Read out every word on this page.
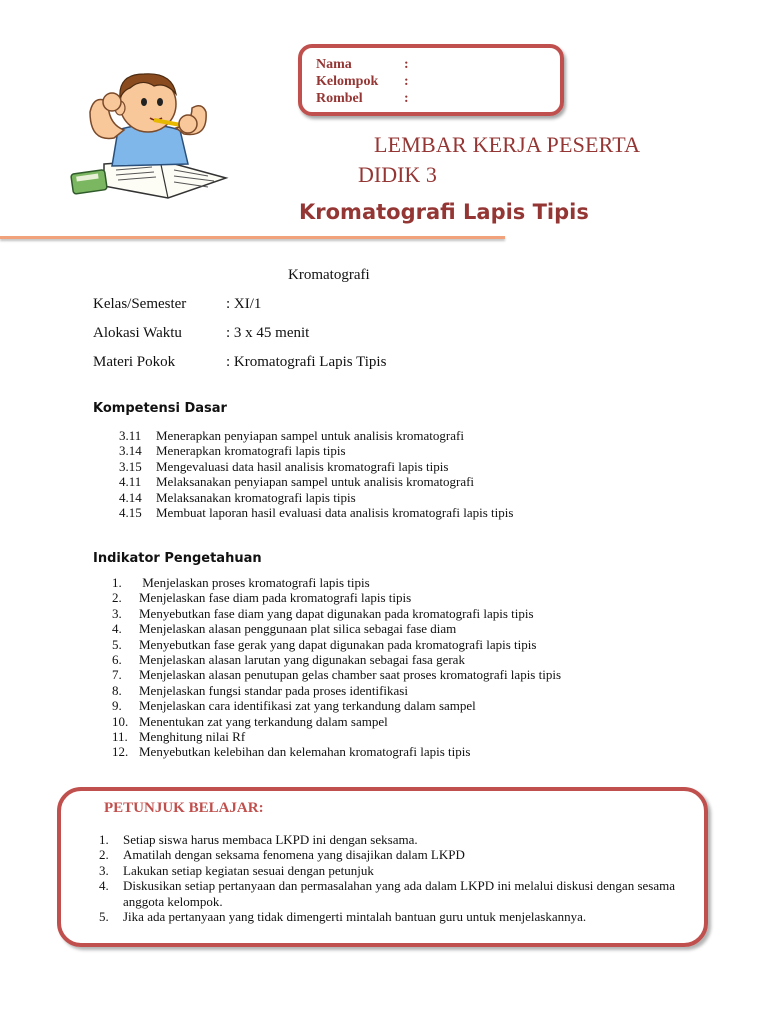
Nama	:
Kelompok :
Rombel	:
LEMBAR KERJA PESERTA
DIDIK 3
Kromatografi Lapis Tipis
Kromatografi
Kelas/Semester	: XI/1
Alokasi Waktu	: 3 x 45 menit
Materi Pokok	: Kromatografi Lapis Tipis
Kompetensi Dasar
3.11 Menerapkan penyiapan sampel untuk analisis kromatografi
3.14 Menerapkan kromatografi lapis tipis
3.15 Mengevaluasi data hasil analisis kromatografi lapis tipis
4.11 Melaksanakan penyiapan sampel untuk analisis kromatografi
4.14 Melaksanakan kromatografi lapis tipis
4.15 Membuat laporan hasil evaluasi data analisis kromatografi lapis tipis
Indikator Pengetahuan
1. Menjelaskan proses kromatografi lapis tipis
2. Menjelaskan fase diam pada kromatografi lapis tipis
3. Menyebutkan fase diam yang dapat digunakan pada kromatografi lapis tipis
4. Menjelaskan alasan penggunaan plat silica sebagai fase diam
5. Menyebutkan fase gerak yang dapat digunakan pada kromatografi lapis tipis
6. Menjelaskan alasan larutan yang digunakan sebagai fasa gerak
7. Menjelaskan alasan penutupan gelas chamber saat proses kromatografi lapis tipis
8. Menjelaskan fungsi standar pada proses identifikasi
9. Menjelaskan cara identifikasi zat yang terkandung dalam sampel
10. Menentukan zat yang terkandung dalam sampel
11. Menghitung nilai Rf
12. Menyebutkan kelebihan dan kelemahan kromatografi lapis tipis
PETUNJUK BELAJAR:
1.	Setiap siswa harus membaca LKPD ini dengan seksama.
2.	Amatilah dengan seksama fenomena yang disajikan dalam LKPD
3.	Lakukan setiap kegiatan sesuai dengan petunjuk
4.	Diskusikan setiap pertanyaan dan permasalahan yang ada dalam LKPD ini melalui diskusi dengan sesama anggota kelompok.
5.	Jika ada pertanyaan yang tidak dimengerti mintalah bantuan guru untuk menjelaskannya.
